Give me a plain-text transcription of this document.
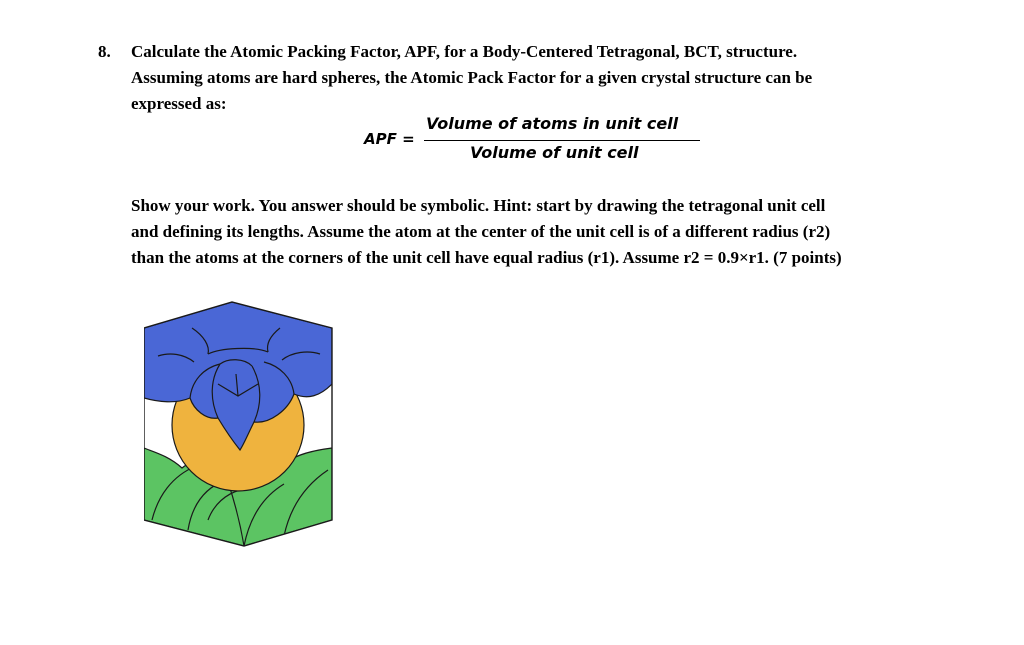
8. Calculate the Atomic Packing Factor, APF, for a Body-Centered Tetragonal, BCT, structure.
Assuming atoms are hard spheres, the Atomic Pack Factor for a given crystal structure can be
expressed as:

APF =
Volume of atoms in unit cell
Volume of unit cell

Show your work. You answer should be symbolic. Hint: start by drawing the tetragonal unit cell
and defining its lengths. Assume the atom at the center of the unit cell is of a different radius (r2)
than the atoms at the corners of the unit cell have equal radius (r1). Assume r2 = 0.9×r1. (7 points)
